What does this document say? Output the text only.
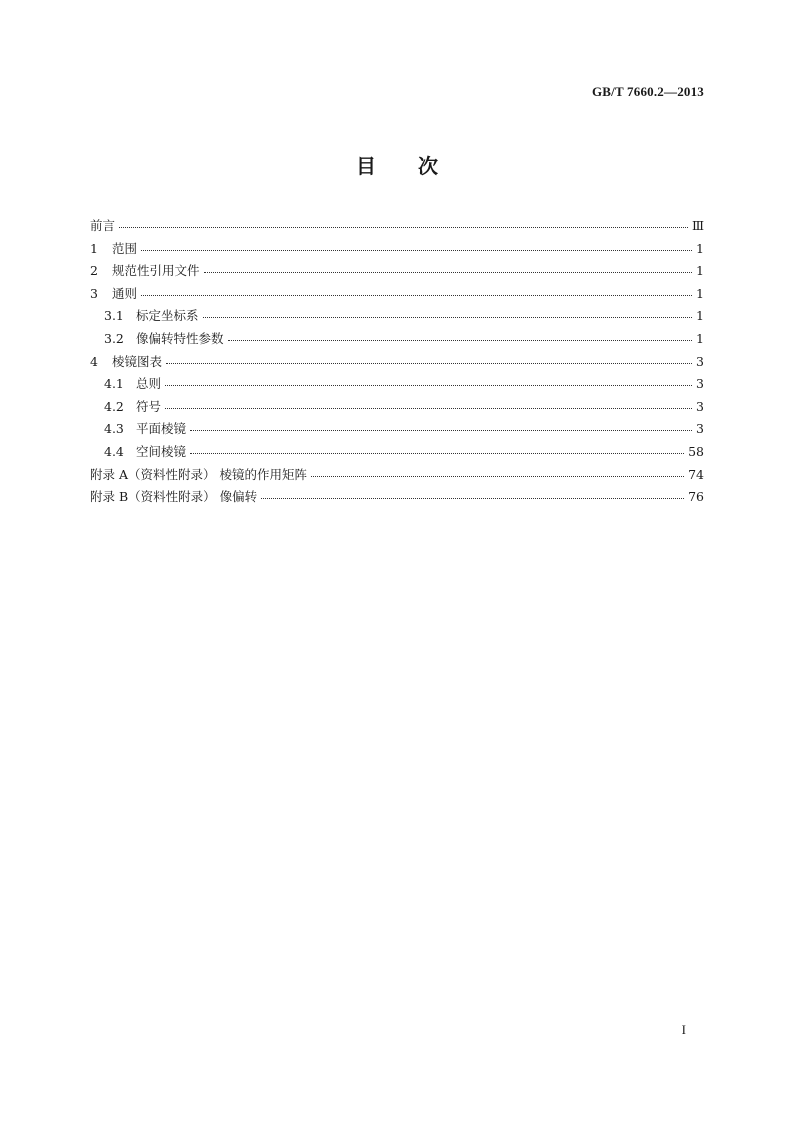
GB/T 7660.2—2013
目次
前言	Ⅲ
1	范围	1
2	规范性引用文件	1
3	通则	1
3.1 标定坐标系	1
3.2 像偏转特性参数	1
4	棱镜图表	3
4.1 总则	3
4.2 符号	3
4.3 平面棱镜	3
4.4 空间棱镜	58
附录 A（资料性附录） 棱镜的作用矩阵	74
附录 B（资料性附录） 像偏转	76
I
